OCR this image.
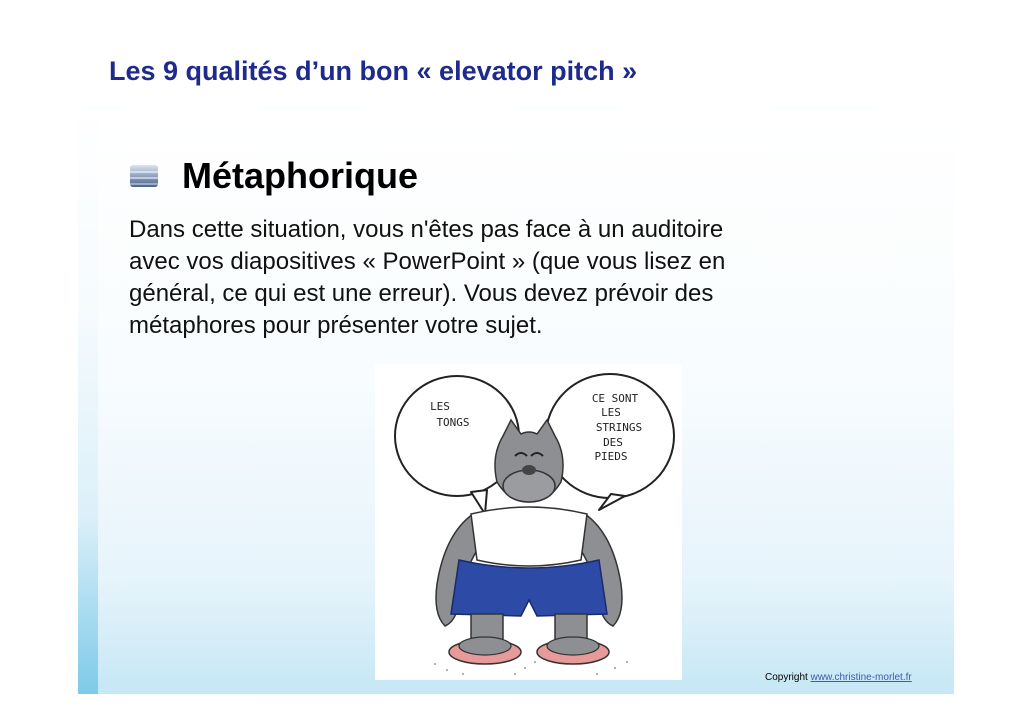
Les 9 qualités d’un bon « elevator pitch »
Métaphorique
Dans cette situation, vous n'êtes pas face à un auditoire
avec vos diapositives « PowerPoint » (que vous lisez en
général, ce qui est une erreur). Vous devez prévoir des
métaphores pour présenter votre sujet.
LES
TONGS
CE SONT
LES
STRINGS
DES
PIEDS
Copyright www.christine-morlet.fr
